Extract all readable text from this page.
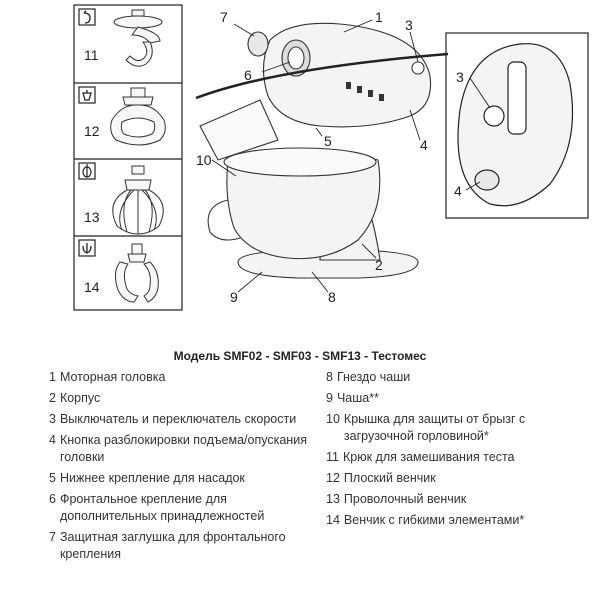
1
2
3
4
5
6
7
8
9
10
11
12
13
14
3
4
Модель SMF02 - SMF03 - SMF13 - Тестомес
1 Моторная головка
2 Корпус
3 Выключатель и переключатель скорости
4 Кнопка разблокировки подъема/опускания головки
5 Нижнее крепление для насадок
6 Фронтальное крепление для дополнительных принадлежностей
7 Защитная заглушка для фронтального крепления
8 Гнездо чаши
9 Чаша**
10 Крышка для защиты от брызг с загрузочной горловиной*
11 Крюк для замешивания теста
12 Плоский венчик
13 Проволочный венчик
14 Венчик с гибкими элементами*
